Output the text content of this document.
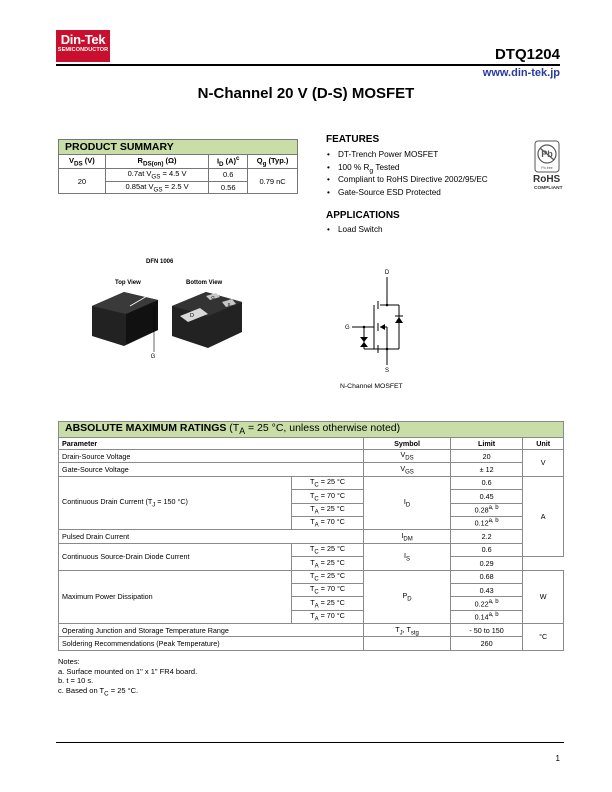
Din-Tek
SEMICONDUCTOR	DTQ1204
www.din-tek.jp
N-Channel 20 V (D-S) MOSFET
PRODUCT SUMMARY			
$V_{DS}$ (V)	$R_{DS(on)}$ (Ω)	$I_D$ $(A)^c$	$Q_g$ (Typ.)
20	0.7at $V_{GS} = 4.5$ V	0.6	0.79 nC
	0.85at $V_{GS} = 2.5$ V	0.56	
FEATURES
• DT-Trench Power MOSFET
• 100 % $R_g$ Tested
• Compliant to RoHS Directive 2002/95/EC
• Gate-Source ESD Protected
Pb
Pb-free
RoHS
COMPLIANT
APPLICATIONS
• Load Switch
DFN 1006
Top View	Bottom View
G
D
G
S
D
G
S
N-Channel MOSFET
ABSOLUTE MAXIMUM RATINGS ($T_A = 25$ °C, unless otherwise noted)				
Parameter		Symbol	Limit	Unit
Drain-Source Voltage		$V_{DS}$	20	V
Gate-Source Voltage		$V_{GS}$	± 12	
Continuous Drain Current ($T_J = 150$ °C)	$T_C = 25$ °C	$I_D$	0.6	A
	$T_C = 70$ °C		0.45	
	$T_A = 25$ °C		0.28$^{a, b}$
	$T_A = 70$ °C		0.12$^{a, b}$
Pulsed Drain Current		$I_{DM}$	2.2	
Continuous Source-Drain Diode Current	$T_C = 25$ °C	$I_S$	0.6	
	$T_A = 25$ °C		0.29	
Maximum Power Dissipation	$T_C = 25$ °C	$P_D$	0.68	W
	$T_C = 70$ °C		0.43	
	$T_A = 25$ °C		0.22$^{a, b}$
	$T_A = 70$ °C		0.14$^{a, b}$
Operating Junction and Storage Temperature Range		$T_J$, $T_{stg}$	- 50 to 150	°C
Soldering Recommendations (Peak Temperature)			260	
Notes:
a. Surface mounted on 1" x 1" FR4 board.
b. t = 10 s.
c. Based on $T_C = 25$ °C.
1
